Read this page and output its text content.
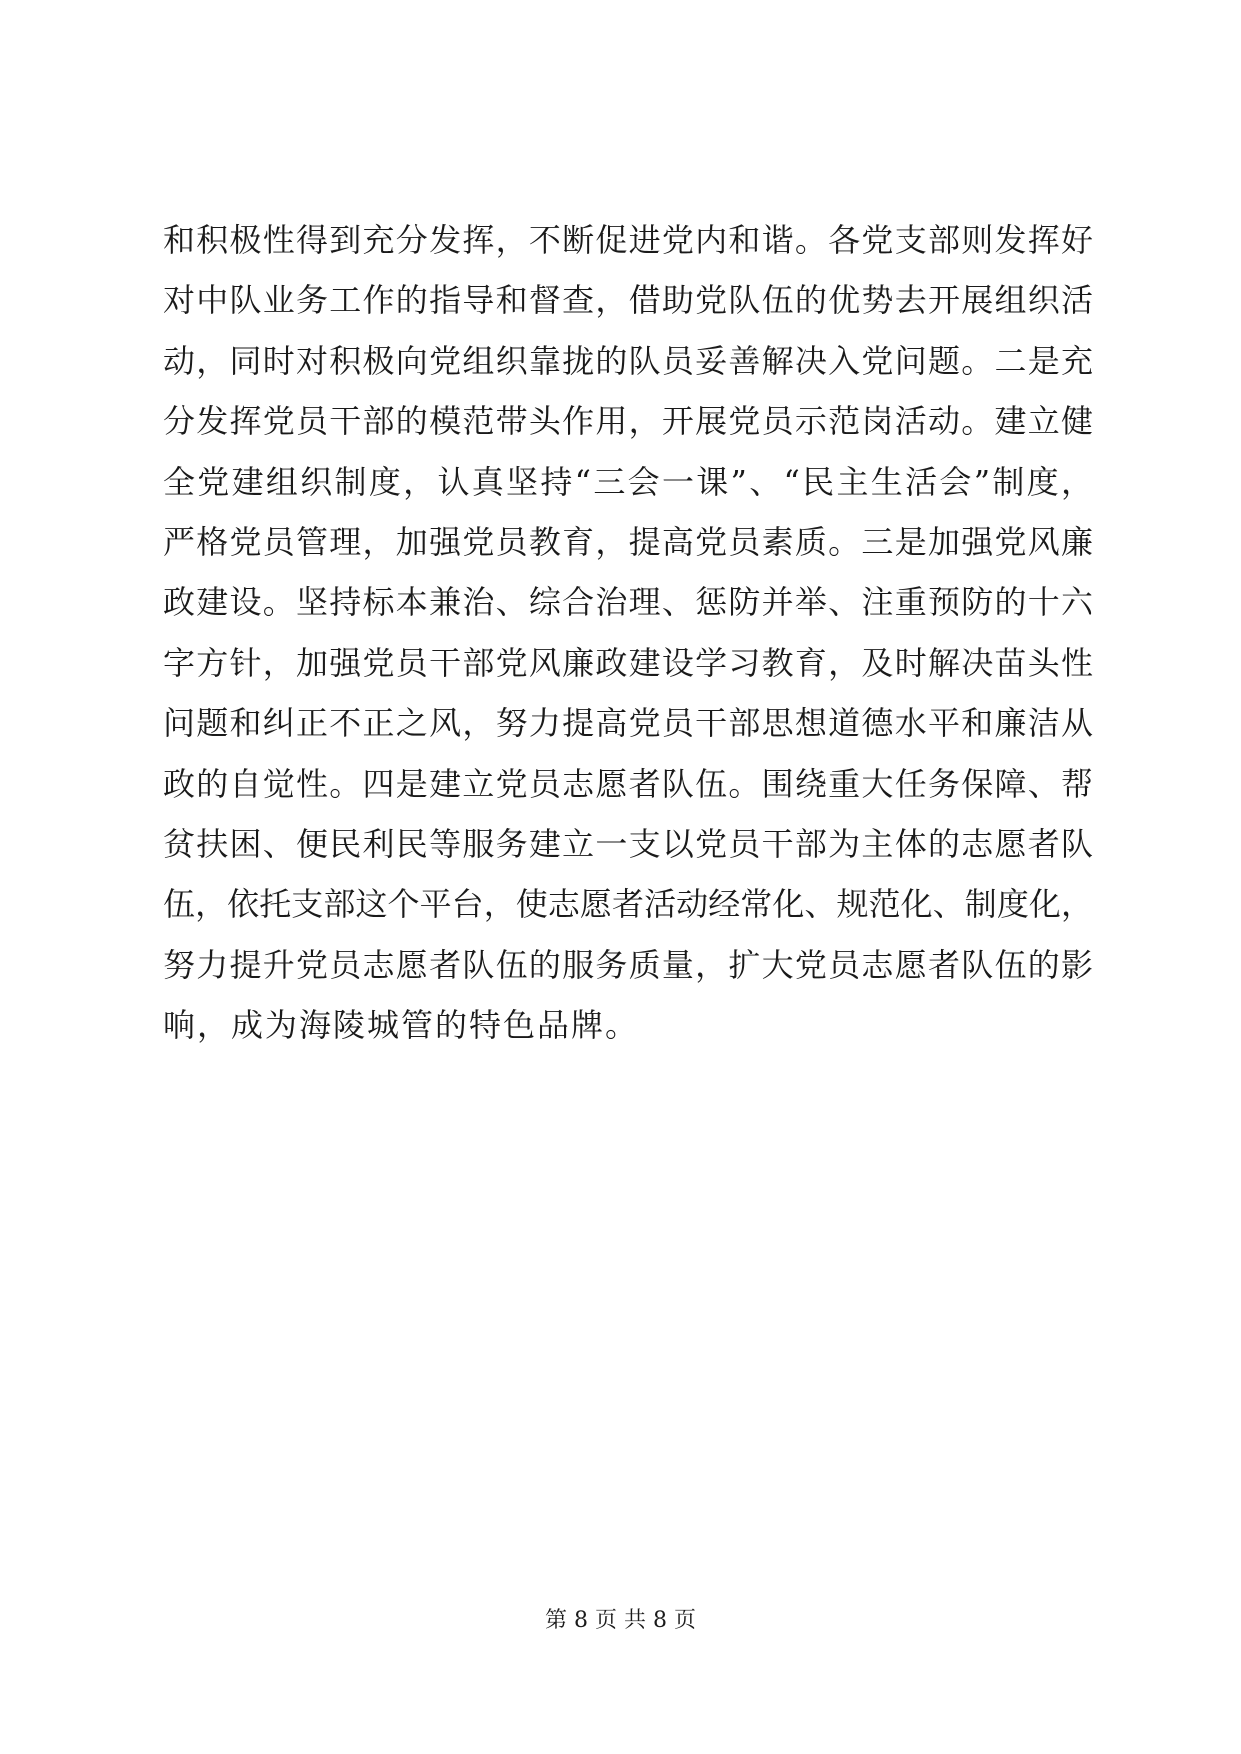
和积极性得到充分发挥，不断促进党内和谐。各党支部则发挥好
对中队业务工作的指导和督查，借助党队伍的优势去开展组织活
动，同时对积极向党组织靠拢的队员妥善解决入党问题。二是充
分发挥党员干部的模范带头作用，开展党员示范岗活动。建立健
全党建组织制度，认真坚持“三会一课”、“民主生活会”制度，
严格党员管理，加强党员教育，提高党员素质。三是加强党风廉
政建设。坚持标本兼治、综合治理、惩防并举、注重预防的十六
字方针，加强党员干部党风廉政建设学习教育，及时解决苗头性
问题和纠正不正之风，努力提高党员干部思想道德水平和廉洁从
政的自觉性。四是建立党员志愿者队伍。围绕重大任务保障、帮
贫扶困、便民利民等服务建立一支以党员干部为主体的志愿者队
伍，依托支部这个平台，使志愿者活动经常化、规范化、制度化，
努力提升党员志愿者队伍的服务质量，扩大党员志愿者队伍的影
响，成为海陵城管的特色品牌。
第 8 页 共 8 页
